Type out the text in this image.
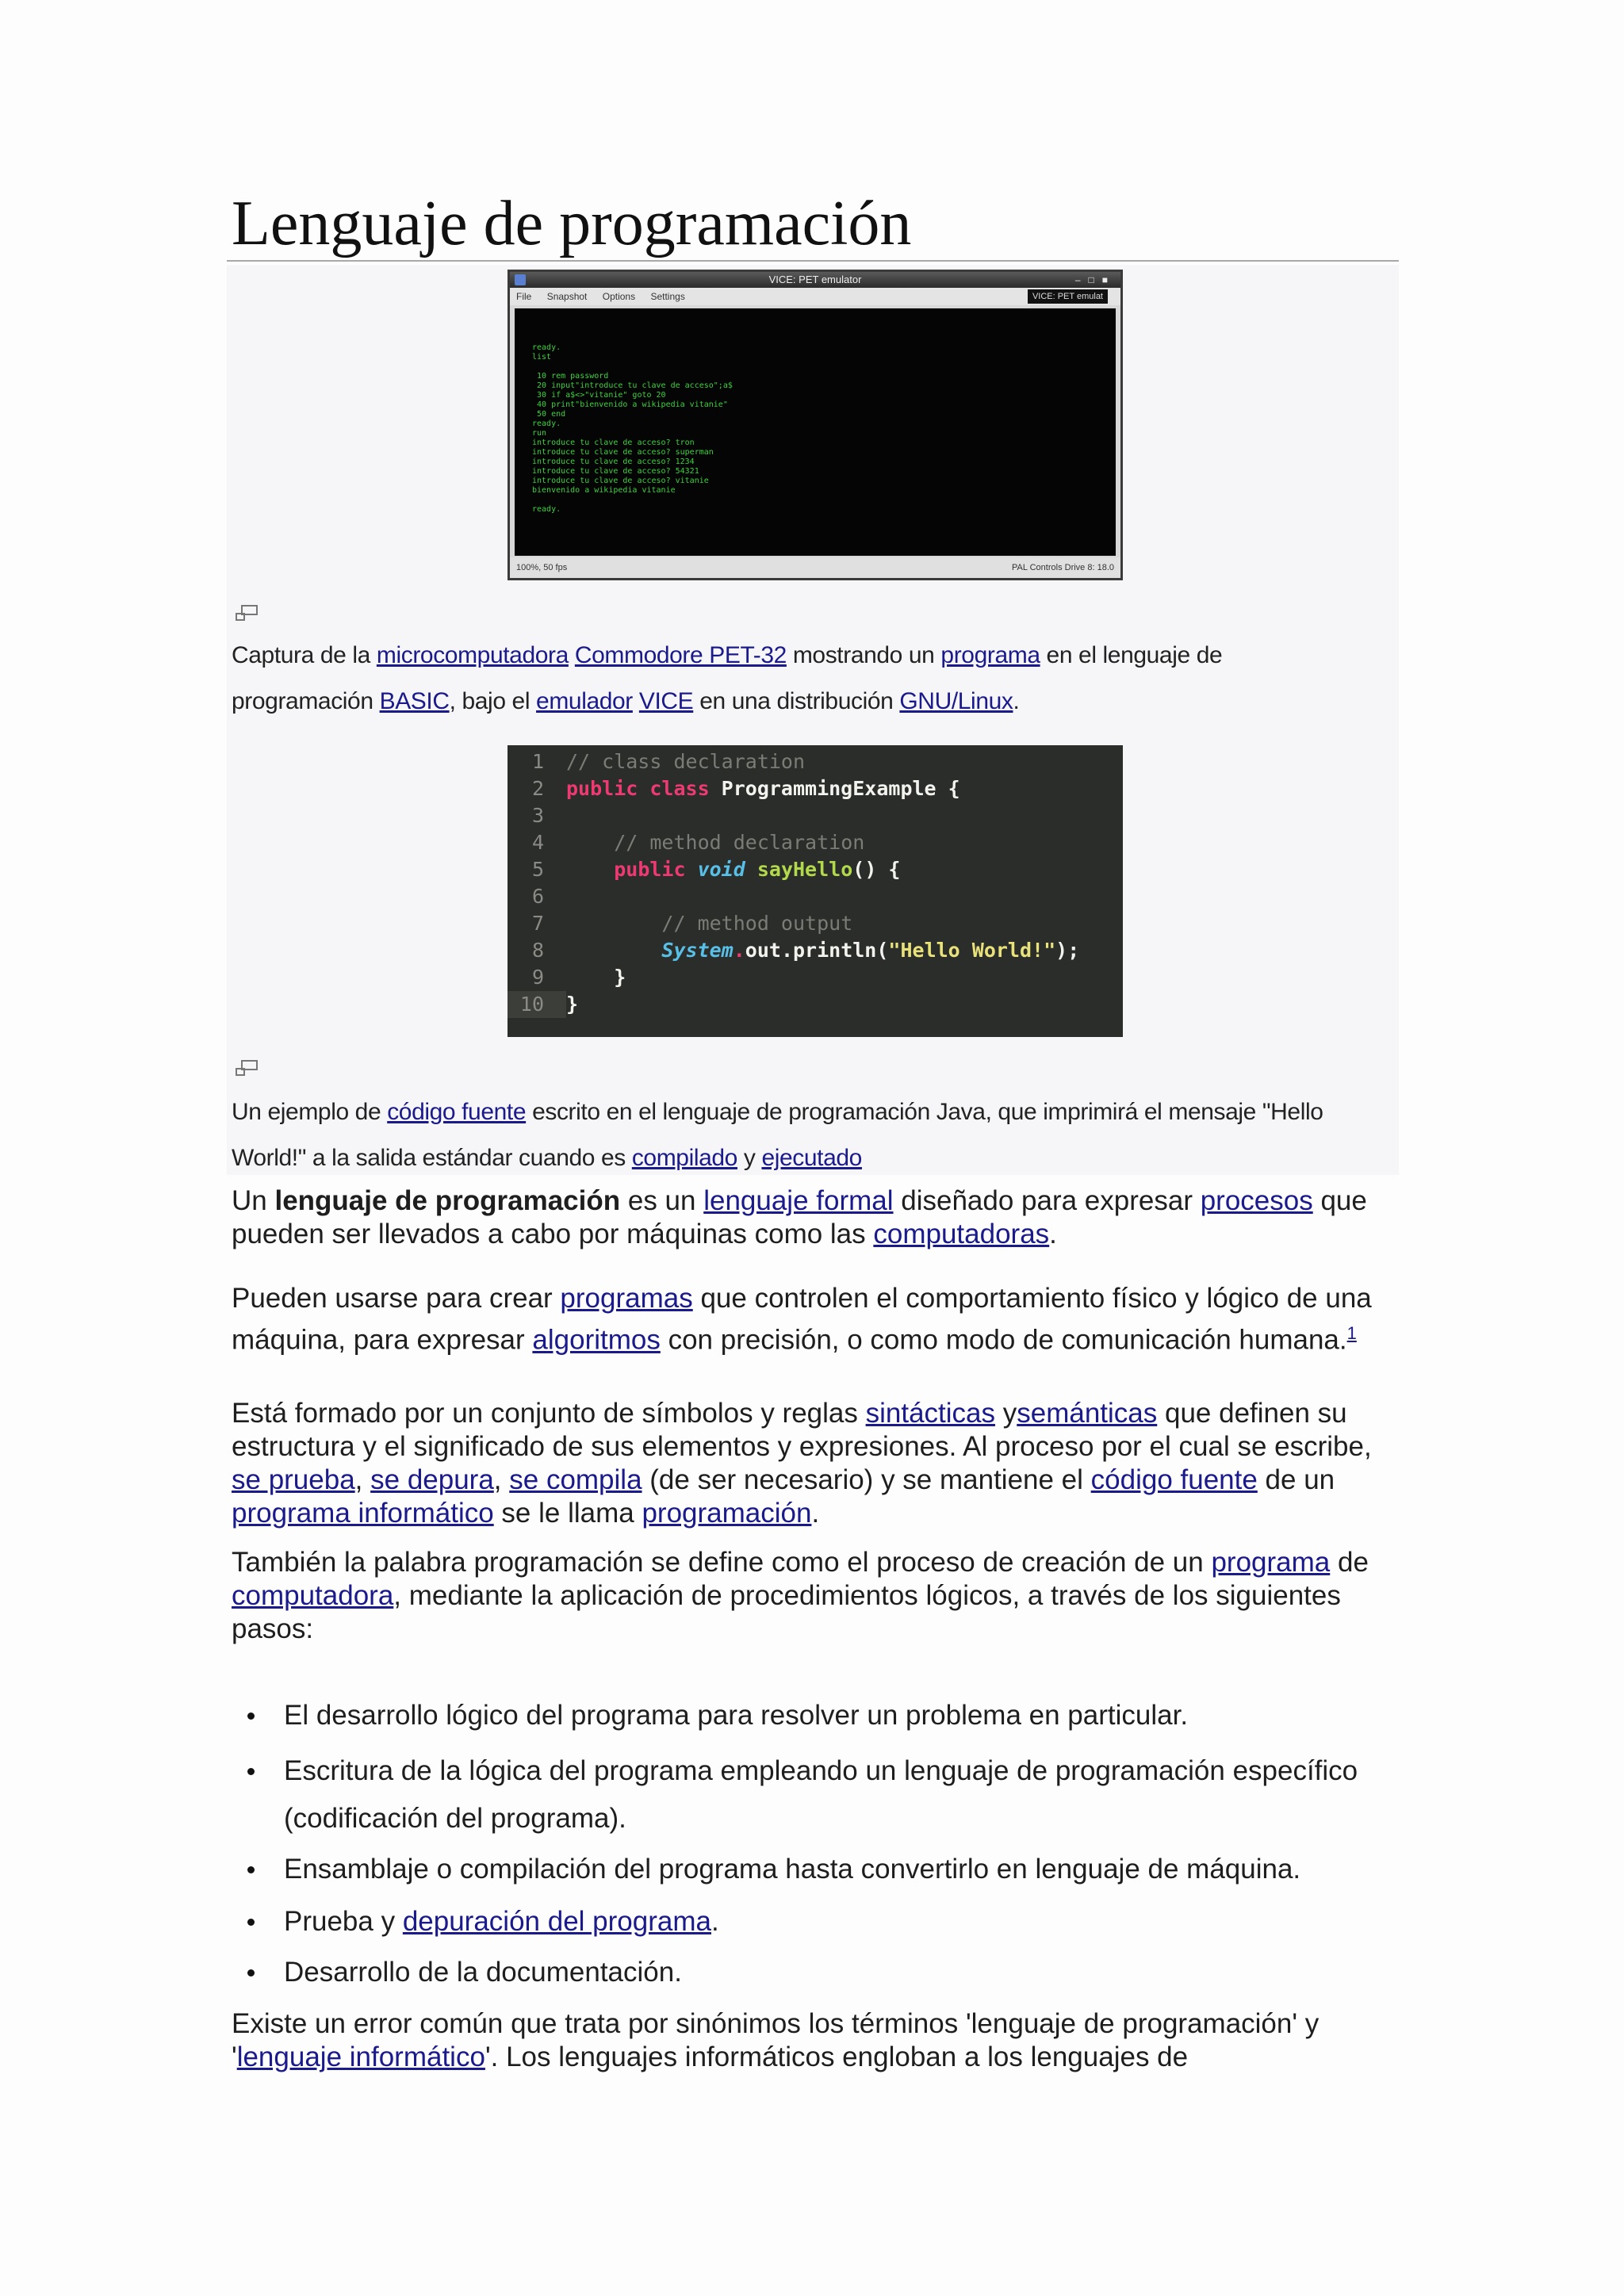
Lenguaje de programación
VICE: PET emulator	–□■
File Snapshot Options Settings	VICE: PET emulat
ready.
list

10 rem password
20 input"introduce tu clave de acceso";a$
30 if a$<>"vitanie" goto 20
40 print"bienvenido a wikipedia vitanie"
50 end
ready.
run
introduce tu clave de acceso? tron
introduce tu clave de acceso? superman
introduce tu clave de acceso? 1234
introduce tu clave de acceso? 54321
introduce tu clave de acceso? vitanie
bienvenido a wikipedia vitanie

ready.
100%, 50 fps	PAL Controls Drive 8: 18.0
Captura de la microcomputadora Commodore PET-32 mostrando un programa en el lenguaje de programación BASIC, bajo el emulador VICE en una distribución GNU/Linux.
1 // class declaration
2 public class ProgrammingExample {
3
4	// method declaration
5	public void sayHello() {
6
7	// method output
8	System.out.println("Hello World!");
9	}
10 }
Un ejemplo de código fuente escrito en el lenguaje de programación Java, que imprimirá el mensaje "Hello World!" a la salida estándar cuando es compilado y ejecutado

Un lenguaje de programación es un lenguaje formal diseñado para expresar procesos que pueden ser llevados a cabo por máquinas como las computadoras.

Pueden usarse para crear programas que controlen el comportamiento físico y lógico de una máquina, para expresar algoritmos con precisión, o como modo de comunicación humana.$^1$

Está formado por un conjunto de símbolos y reglas sintácticas ysemánticas que definen su estructura y el significado de sus elementos y expresiones. Al proceso por el cual se escribe, se prueba, se depura, se compila (de ser necesario) y se mantiene el código fuente de un programa informático se le llama programación.

También la palabra programación se define como el proceso de creación de un programa de computadora, mediante la aplicación de procedimientos lógicos, a través de los siguientes pasos:

El desarrollo lógico del programa para resolver un problema en particular.
Escritura de la lógica del programa empleando un lenguaje de programación específico (codificación del programa).
Ensamblaje o compilación del programa hasta convertirlo en lenguaje de máquina.
Prueba y depuración del programa.
Desarrollo de la documentación.

Existe un error común que trata por sinónimos los términos 'lenguaje de programación' y 'lenguaje informático'. Los lenguajes informáticos engloban a los lenguajes de
